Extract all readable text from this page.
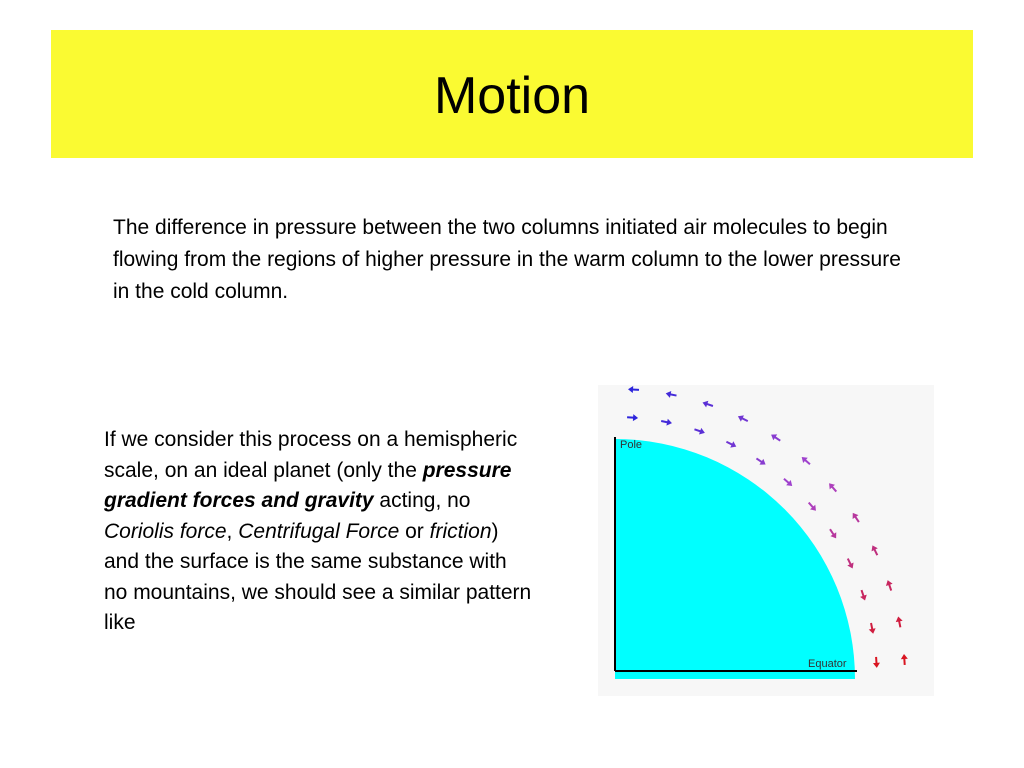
Motion

The difference in pressure between the two columns initiated air molecules to begin flowing from the regions of higher pressure in the warm column to the lower pressure in the cold column.

If we consider this process on a hemispheric scale, on an ideal planet (only the pressure gradient forces and gravity acting, no Coriolis force, Centrifugal Force or friction) and the surface is the same substance with no mountains, we should see a similar pattern like

Pole
Equator
